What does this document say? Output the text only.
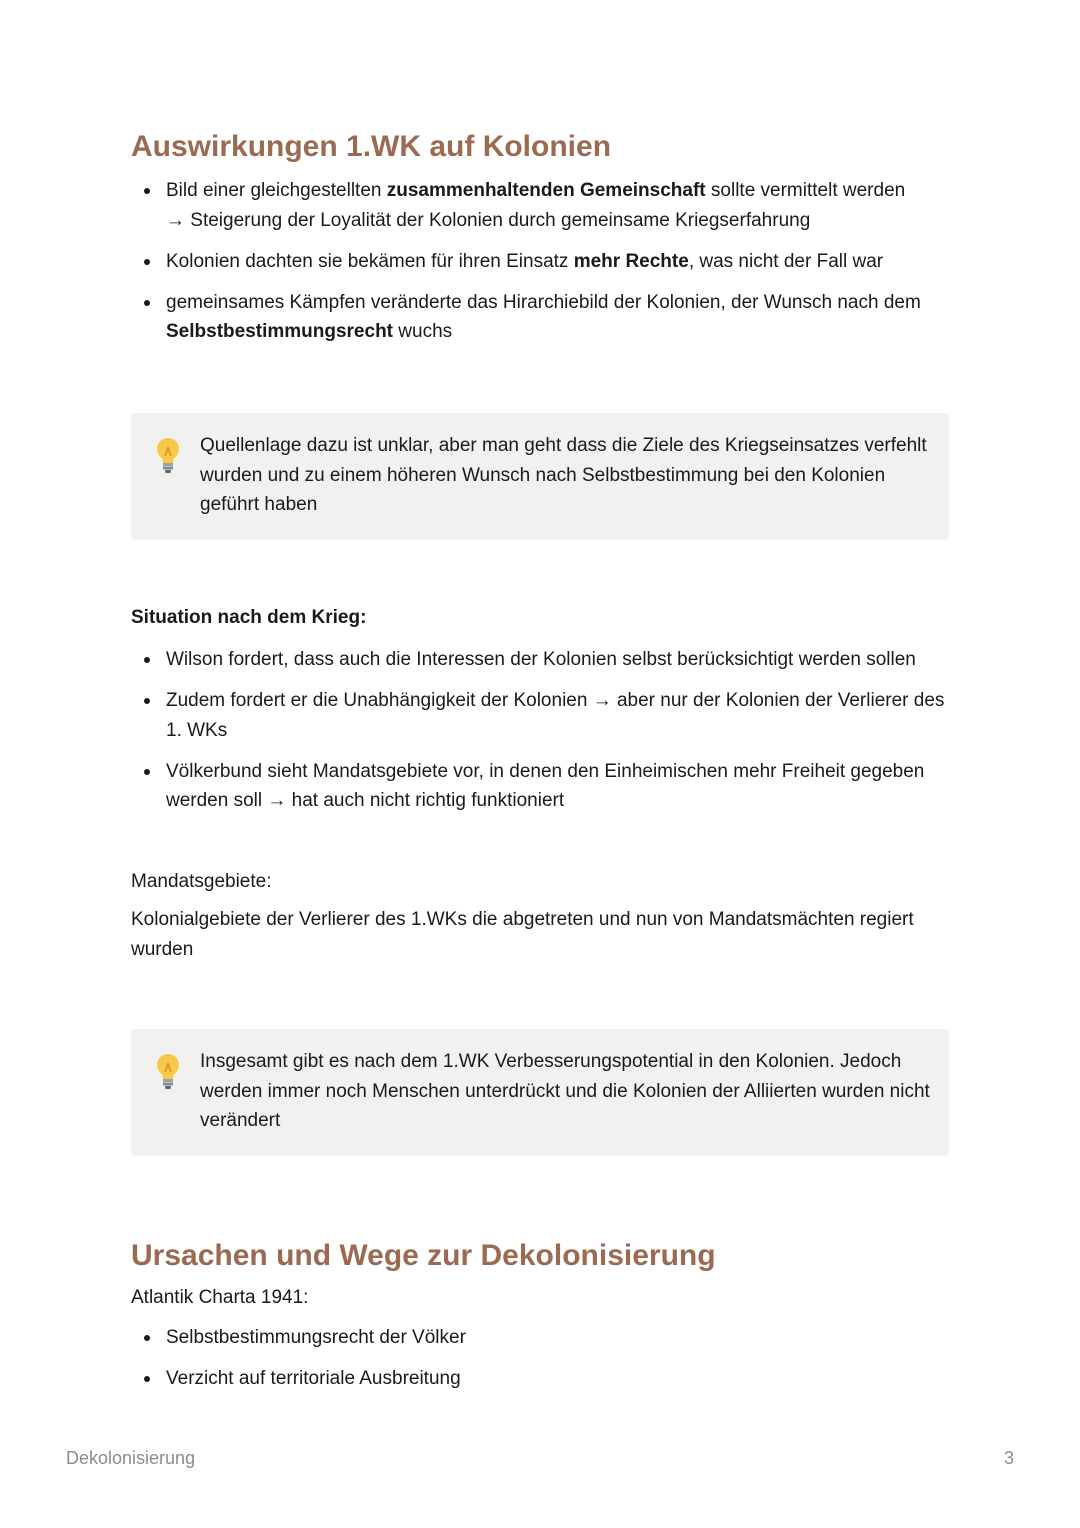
Auswirkungen 1.WK auf Kolonien
Bild einer gleichgestellten zusammenhaltenden Gemeinschaft sollte vermittelt werden
→ Steigerung der Loyalität der Kolonien durch gemeinsame Kriegserfahrung
Kolonien dachten sie bekämen für ihren Einsatz mehr Rechte, was nicht der Fall war
gemeinsames Kämpfen veränderte das Hirarchiebild der Kolonien, der Wunsch nach dem Selbstbestimmungsrecht wuchs
Quellenlage dazu ist unklar, aber man geht dass die Ziele des Kriegseinsatzes verfehlt wurden und zu einem höheren Wunsch nach Selbstbestimmung bei den Kolonien geführt haben

Situation nach dem Krieg:

Wilson fordert, dass auch die Interessen der Kolonien selbst berücksichtigt werden sollen
Zudem fordert er die Unabhängigkeit der Kolonien → aber nur der Kolonien der Verlierer des 1. WKs
Völkerbund sieht Mandatsgebiete vor, in denen den Einheimischen mehr Freiheit gegeben werden soll → hat auch nicht richtig funktioniert

Mandatsgebiete:

Kolonialgebiete der Verlierer des 1.WKs die abgetreten und nun von Mandatsmächten regiert wurden

Insgesamt gibt es nach dem 1.WK Verbesserungspotential in den Kolonien. Jedoch werden immer noch Menschen unterdrückt und die Kolonien der Alliierten wurden nicht verändert
Ursachen und Wege zur Dekolonisierung

Atlantik Charta 1941:

Selbstbestimmungsrecht der Völker
Verzicht auf territoriale Ausbreitung
Dekolonisierung	3
